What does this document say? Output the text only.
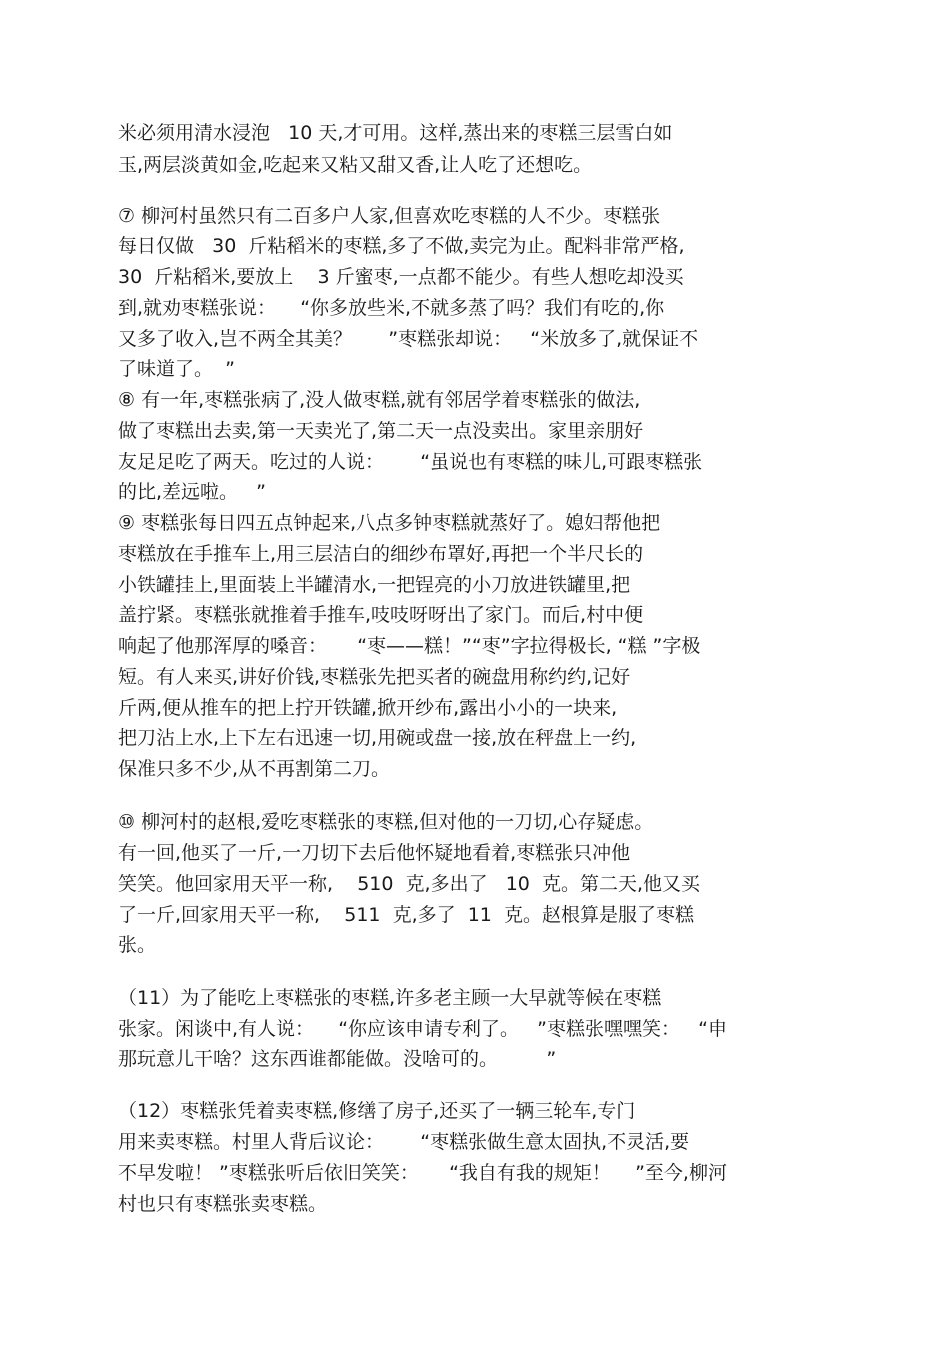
米必须用清水浸泡   10 天,才可用。这样,蒸出来的枣糕三层雪白如
玉,两层淡黄如金,吃起来又粘又甜又香,让人吃了还想吃。
⑦ 柳河村虽然只有二百多户人家,但喜欢吃枣糕的人不少。枣糕张
每日仅做   30  斤粘稻米的枣糕,多了不做,卖完为止。配料非常严格,
30  斤粘稻米,要放上    3 斤蜜枣,一点都不能少。有些人想吃却没买
到,就劝枣糕张说：    “你多放些米,不就多蒸了吗？我们有吃的,你
又多了收入,岂不两全其美？      ”枣糕张却说：   “米放多了,就保证不
了味道了。  ”
⑧ 有一年,枣糕张病了,没人做枣糕,就有邻居学着枣糕张的做法,
做了枣糕出去卖,第一天卖光了,第二天一点没卖出。家里亲朋好
友足足吃了两天。吃过的人说：      “虽说也有枣糕的味儿,可跟枣糕张
的比,差远啦。   ”
⑨ 枣糕张每日四五点钟起来,八点多钟枣糕就蒸好了。媳妇帮他把
枣糕放在手推车上,用三层洁白的细纱布罩好,再把一个半尺长的
小铁罐挂上,里面装上半罐清水,一把锃亮的小刀放进铁罐里,把
盖拧紧。枣糕张就推着手推车,吱吱呀呀出了家门。而后,村中便
响起了他那浑厚的嗓音：     “枣——糕！”“枣”字拉得极长, “糕 ”字极
短。有人来买,讲好价钱,枣糕张先把买者的碗盘用称约约,记好
斤两,便从推车的把上拧开铁罐,掀开纱布,露出小小的一块来,
把刀沾上水,上下左右迅速一切,用碗或盘一接,放在秤盘上一约,
保准只多不少,从不再割第二刀。
⑩ 柳河村的赵根,爱吃枣糕张的枣糕,但对他的一刀切,心存疑虑。
有一回,他买了一斤,一刀切下去后他怀疑地看着,枣糕张只冲他
笑笑。他回家用天平一称,    510  克,多出了   10  克。第二天,他又买
了一斤,回家用天平一称,    511  克,多了  11  克。赵根算是服了枣糕
张。
（11）为了能吃上枣糕张的枣糕,许多老主顾一大早就等候在枣糕
张家。闲谈中,有人说：    “你应该申请专利了。   ”枣糕张嘿嘿笑：   “申
那玩意儿干啥？这东西谁都能做。没啥可的。        ”
（12）枣糕张凭着卖枣糕,修缮了房子,还买了一辆三轮车,专门
用来卖枣糕。村里人背后议论：      “枣糕张做生意太固执,不灵活,要
不早发啦！ ”枣糕张听后依旧笑笑：     “我自有我的规矩！    ”至今,柳河
村也只有枣糕张卖枣糕。
